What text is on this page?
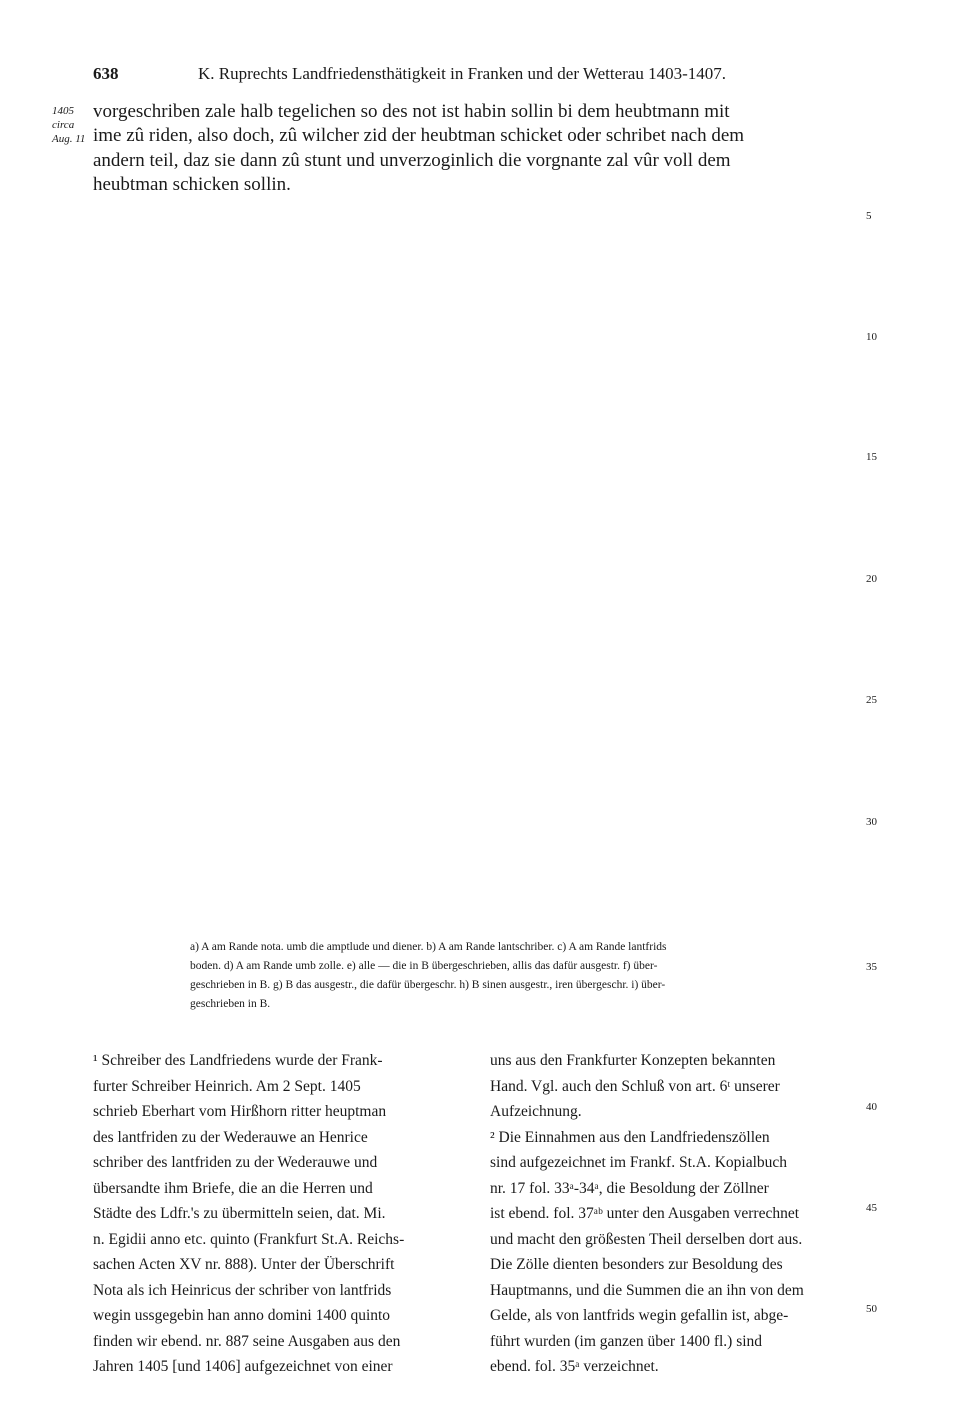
638	K. Ruprechts Landfriedensthätigkeit in Franken und der Wetterau 1403-1407.
1405
circa
Aug. 11
vorgeschriben zale halb tegelichen so des not ist habin sollin bi dem heubtmann mit
ime zû riden, also doch, zû wilcher zid der heubtman schicket oder schribet nach dem
andern teil, daz sie dann zû stunt und unverzoginlich die vorgnante zal vûr voll dem
heubtman schicken sollin.
5
10
15
20
25
30
35
40
45
50
a) A am Rande nota. umb die amptlude und diener. b) A am Rande lantschriber. c) A am Rande lantfrids
boden. d) A am Rande umb zolle. e) alle — die in B übergeschrieben, allis das dafür ausgestr. f) über-
geschrieben in B. g) B das ausgestr., die dafür übergeschr. h) B sinen ausgestr., iren übergeschr. i) über-
geschrieben in B.
¹ Schreiber des Landfriedens wurde der Frank-
furter Schreiber Heinrich. Am 2 Sept. 1405
schrieb Eberhart vom Hirßhorn ritter heuptman
des lantfriden zu der Wederauwe an Henrice
schriber des lantfriden zu der Wederauwe und
übersandte ihm Briefe, die an die Herren und
Städte des Ldfr.'s zu übermitteln seien, dat. Mi.
n. Egidii anno etc. quinto (Frankfurt St.A. Reichs-
sachen Acten XV nr. 888). Unter der Überschrift
Nota als ich Heinricus der schriber von lantfrids
wegin ussgegebin han anno domini 1400 quinto
finden wir ebend. nr. 887 seine Ausgaben aus den
Jahren 1405 [und 1406] aufgezeichnet von einer
uns aus den Frankfurter Konzepten bekannten
Hand. Vgl. auch den Schluß von art. 6ᵗ unserer
Aufzeichnung.
² Die Einnahmen aus den Landfriedenszöllen
sind aufgezeichnet im Frankf. St.A. Kopialbuch
nr. 17 fol. 33ᵃ-34ᵃ, die Besoldung der Zöllner
ist ebend. fol. 37ᵃᵇ unter den Ausgaben verrechnet
und macht den größesten Theil derselben dort aus.
Die Zölle dienten besonders zur Besoldung des
Hauptmanns, und die Summen die an ihn von dem
Gelde, als von lantfrids wegin gefallin ist, abge-
führt wurden (im ganzen über 1400 fl.) sind
ebend. fol. 35ᵃ verzeichnet.
